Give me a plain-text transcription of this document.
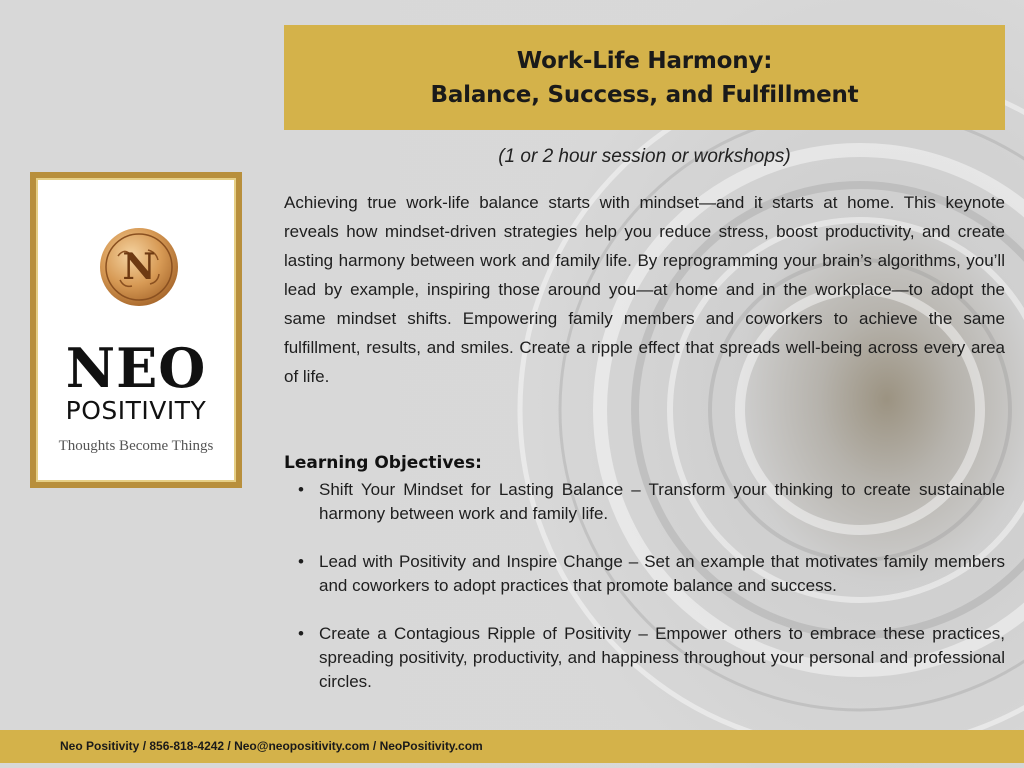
Work-Life Harmony:
Balance, Success, and Fulfillment
(1 or 2 hour session or workshops)
Achieving true work-life balance starts with mindset—and it starts at home. This keynote reveals how mindset-driven strategies help you reduce stress, boost productivity, and create lasting harmony between work and family life. By reprogramming your brain’s algorithms, you’ll lead by example, inspiring those around you—at home and in the workplace—to adopt the same mindset shifts. Empowering family members and coworkers to achieve the same fulfillment, results, and smiles. Create a ripple effect that spreads well-being across every area of life.
Learning Objectives:
• Shift Your Mindset for Lasting Balance – Transform your thinking to create sustainable harmony between work and family life.
• Lead with Positivity and Inspire Change – Set an example that motivates family members and coworkers to adopt practices that promote balance and success.
• Create a Contagious Ripple of Positivity – Empower others to embrace these practices, spreading positivity, productivity, and happiness throughout your personal and professional circles.
N
NEO
POSITIVITY
Thoughts Become Things
Neo Positivity / 856-818-4242 / Neo@neopositivity.com / NeoPositivity.com
